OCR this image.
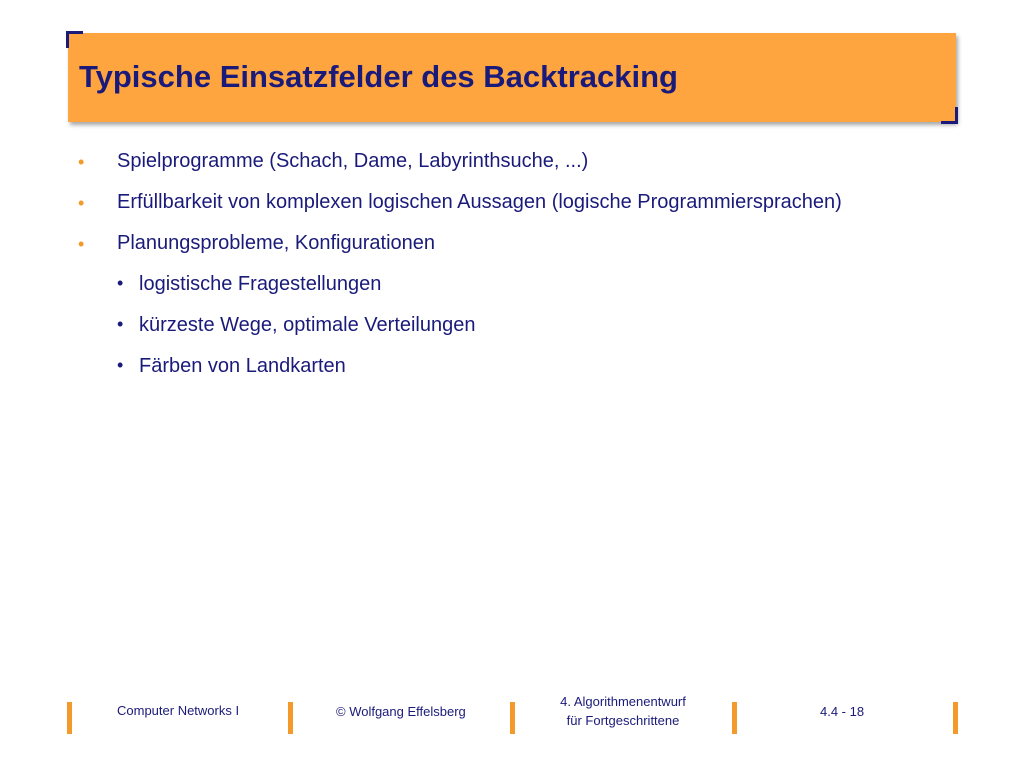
Typische Einsatzfelder des Backtracking
• Spielprogramme (Schach, Dame, Labyrinthsuche, ...)
• Erfüllbarkeit von komplexen logischen Aussagen (logische Programmiersprachen)
• Planungsprobleme, Konfigurationen
• logistische Fragestellungen
• kürzeste Wege, optimale Verteilungen
• Färben von Landkarten
Computer Networks I	© Wolfgang Effelsberg
4. Algorithmenentwurf
für Fortgeschrittene
4.4 - 18
